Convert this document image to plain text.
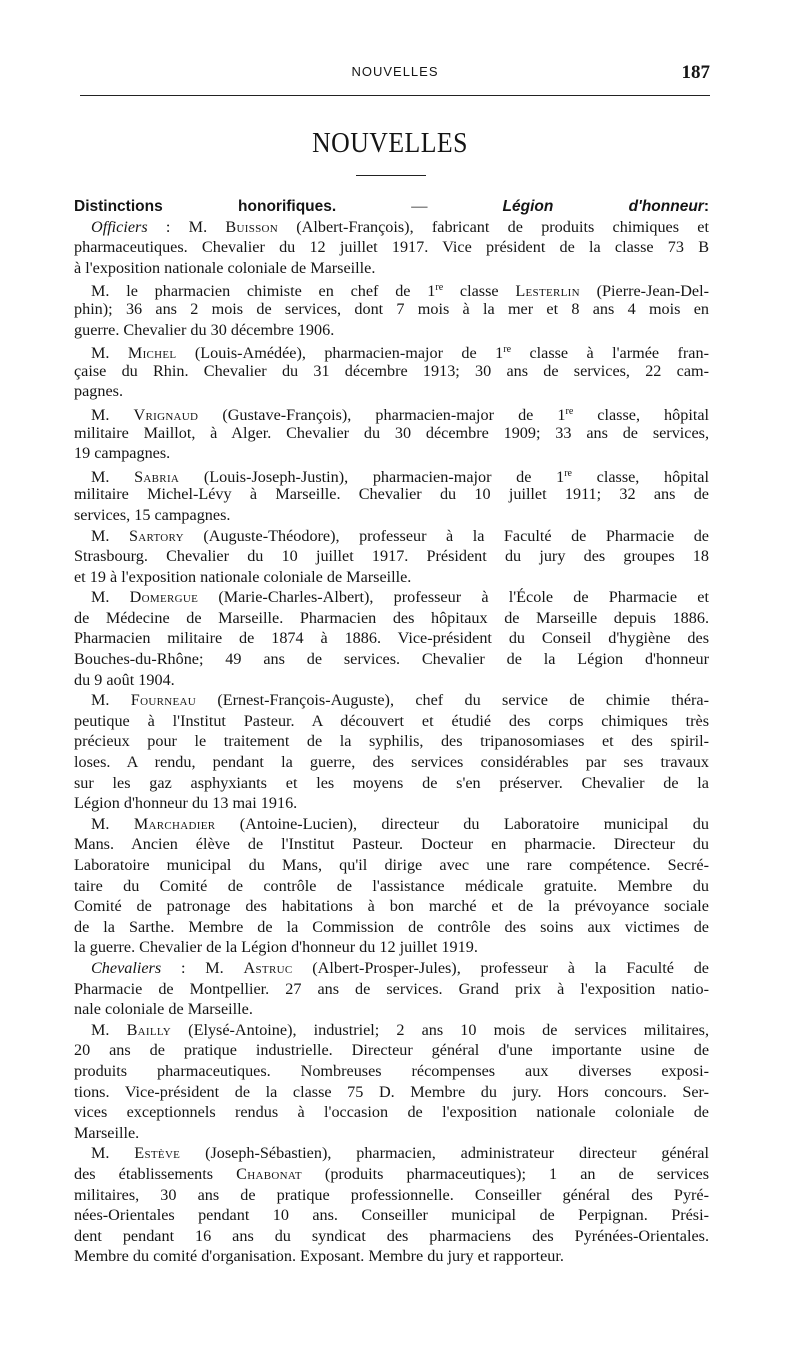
NOUVELLES	187
NOUVELLES
Distinctions honorifiques. — Légion d'honneur:
Officiers : M. Buisson (Albert-François), fabricant de produits chimiques et
pharmaceutiques. Chevalier du 12 juillet 1917. Vice président de la classe 73 B
à l'exposition nationale coloniale de Marseille.
M. le pharmacien chimiste en chef de 1re classe Lesterlin (Pierre-Jean-Del-
phin); 36 ans 2 mois de services, dont 7 mois à la mer et 8 ans 4 mois en
guerre. Chevalier du 30 décembre 1906.
M. Michel (Louis-Amédée), pharmacien-major de 1re classe à l'armée fran-
çaise du Rhin. Chevalier du 31 décembre 1913; 30 ans de services, 22 cam-
pagnes.
M. Vrignaud (Gustave-François), pharmacien-major de 1re classe, hôpital
militaire Maillot, à Alger. Chevalier du 30 décembre 1909; 33 ans de services,
19 campagnes.
M. Sabria (Louis-Joseph-Justin), pharmacien-major de 1re classe, hôpital
militaire Michel-Lévy à Marseille. Chevalier du 10 juillet 1911; 32 ans de
services, 15 campagnes.
M. Sartory (Auguste-Théodore), professeur à la Faculté de Pharmacie de
Strasbourg. Chevalier du 10 juillet 1917. Président du jury des groupes 18
et 19 à l'exposition nationale coloniale de Marseille.
M. Domergue (Marie-Charles-Albert), professeur à l'École de Pharmacie et
de Médecine de Marseille. Pharmacien des hôpitaux de Marseille depuis 1886.
Pharmacien militaire de 1874 à 1886. Vice-président du Conseil d'hygiène des
Bouches-du-Rhône; 49 ans de services. Chevalier de la Légion d'honneur
du 9 août 1904.
M. Fourneau (Ernest-François-Auguste), chef du service de chimie théra-
peutique à l'Institut Pasteur. A découvert et étudié des corps chimiques très
précieux pour le traitement de la syphilis, des tripanosomiases et des spiril-
loses. A rendu, pendant la guerre, des services considérables par ses travaux
sur les gaz asphyxiants et les moyens de s'en préserver. Chevalier de la
Légion d'honneur du 13 mai 1916.
M. Marchadier (Antoine-Lucien), directeur du Laboratoire municipal du
Mans. Ancien élève de l'Institut Pasteur. Docteur en pharmacie. Directeur du
Laboratoire municipal du Mans, qu'il dirige avec une rare compétence. Secré-
taire du Comité de contrôle de l'assistance médicale gratuite. Membre du
Comité de patronage des habitations à bon marché et de la prévoyance sociale
de la Sarthe. Membre de la Commission de contrôle des soins aux victimes de
la guerre. Chevalier de la Légion d'honneur du 12 juillet 1919.
Chevaliers : M. Astruc (Albert-Prosper-Jules), professeur à la Faculté de
Pharmacie de Montpellier. 27 ans de services. Grand prix à l'exposition natio-
nale coloniale de Marseille.
M. Bailly (Elysé-Antoine), industriel; 2 ans 10 mois de services militaires,
20 ans de pratique industrielle. Directeur général d'une importante usine de
produits pharmaceutiques. Nombreuses récompenses aux diverses exposi-
tions. Vice-président de la classe 75 D. Membre du jury. Hors concours. Ser-
vices exceptionnels rendus à l'occasion de l'exposition nationale coloniale de
Marseille.
M. Estève (Joseph-Sébastien), pharmacien, administrateur directeur général
des établissements Chabonat (produits pharmaceutiques); 1 an de services
militaires, 30 ans de pratique professionnelle. Conseiller général des Pyré-
nées-Orientales pendant 10 ans. Conseiller municipal de Perpignan. Prési-
dent pendant 16 ans du syndicat des pharmaciens des Pyrénées-Orientales.
Membre du comité d'organisation. Exposant. Membre du jury et rapporteur.
